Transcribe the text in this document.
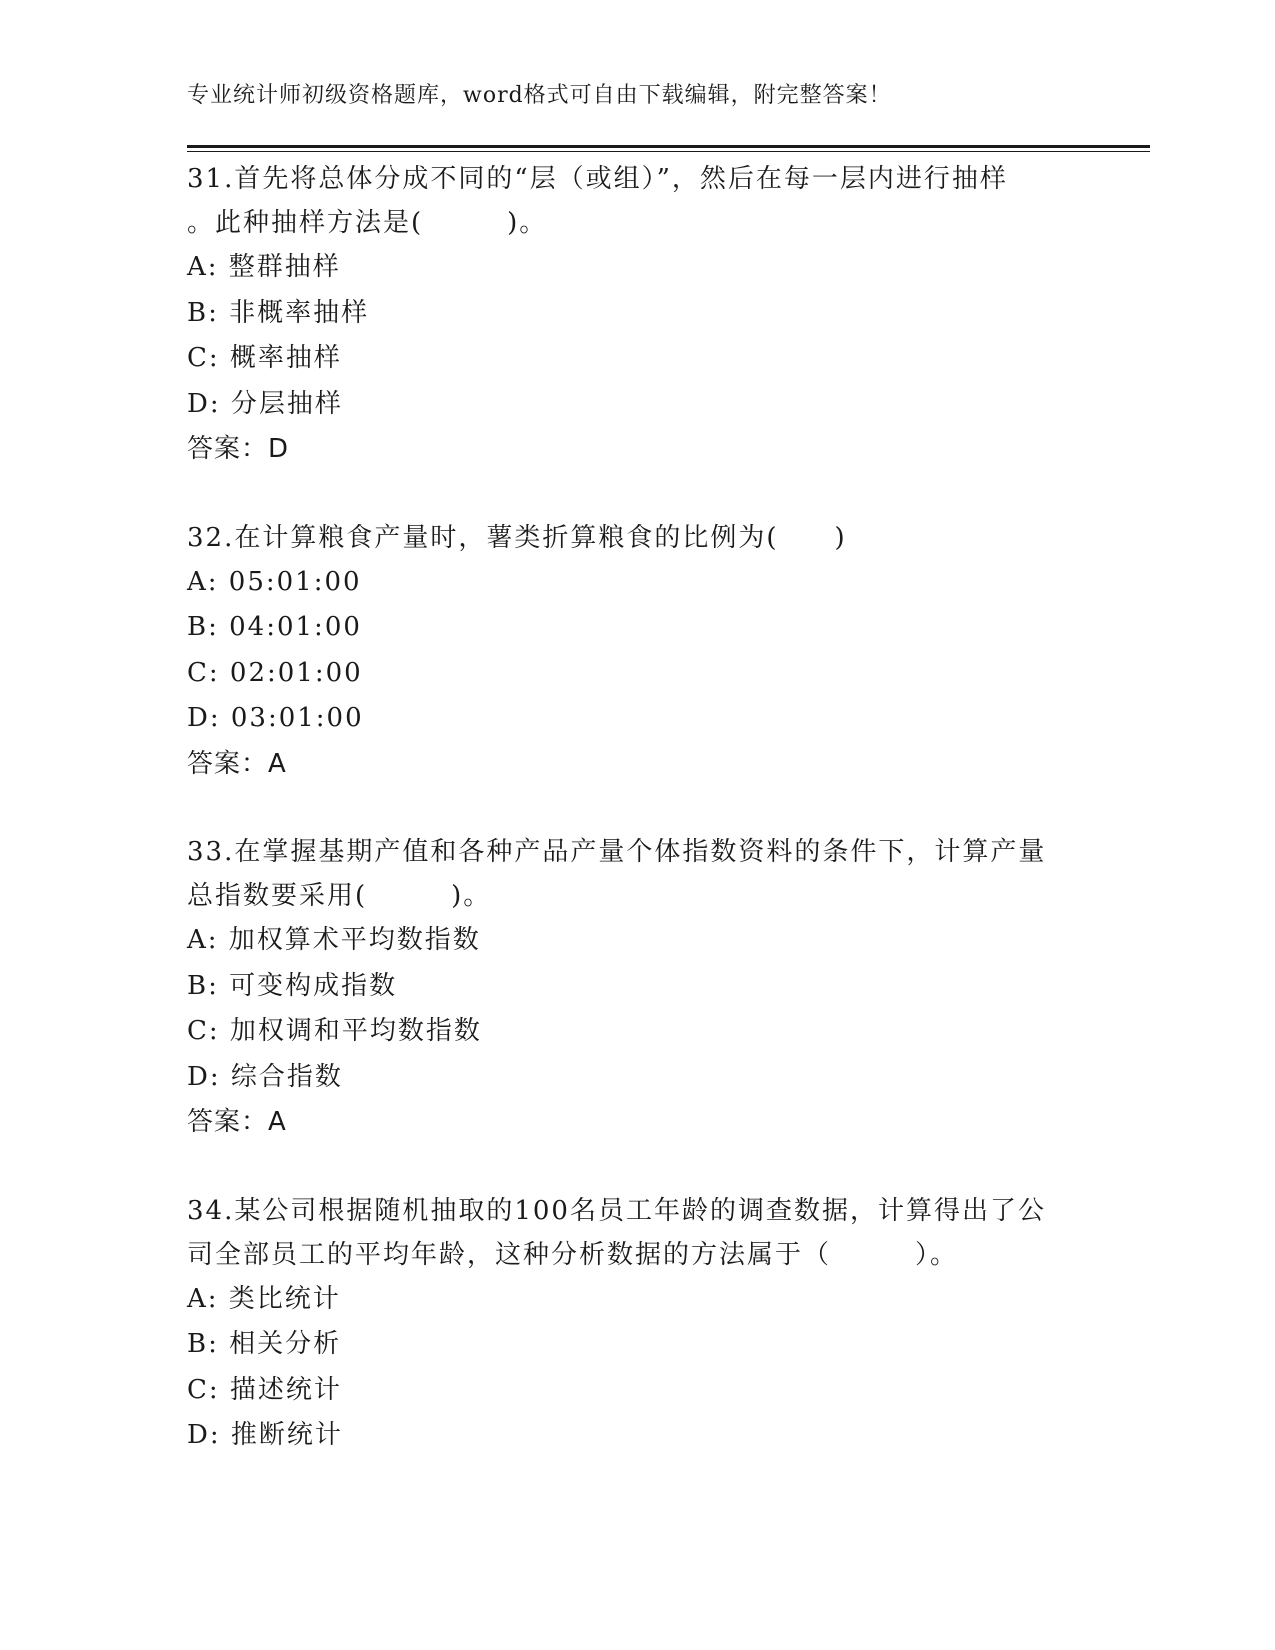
专业统计师初级资格题库，word格式可自由下载编辑，附完整答案！

31.首先将总体分成不同的“层（或组）”，然后在每一层内进行抽样
。此种抽样方法是(　　　)。

A: 整群抽样
B: 非概率抽样
C: 概率抽样
D: 分层抽样
答案：D

32.在计算粮食产量时，薯类折算粮食的比例为(　　)

A: 05:01:00
B: 04:01:00
C: 02:01:00
D: 03:01:00
答案：A

33.在掌握基期产值和各种产品产量个体指数资料的条件下，计算产量
总指数要采用(　　　)。

A: 加权算术平均数指数
B: 可变构成指数
C: 加权调和平均数指数
D: 综合指数
答案：A

34.某公司根据随机抽取的100名员工年龄的调查数据，计算得出了公
司全部员工的平均年龄，这种分析数据的方法属于（　　　）。

A: 类比统计
B: 相关分析
C: 描述统计
D: 推断统计
